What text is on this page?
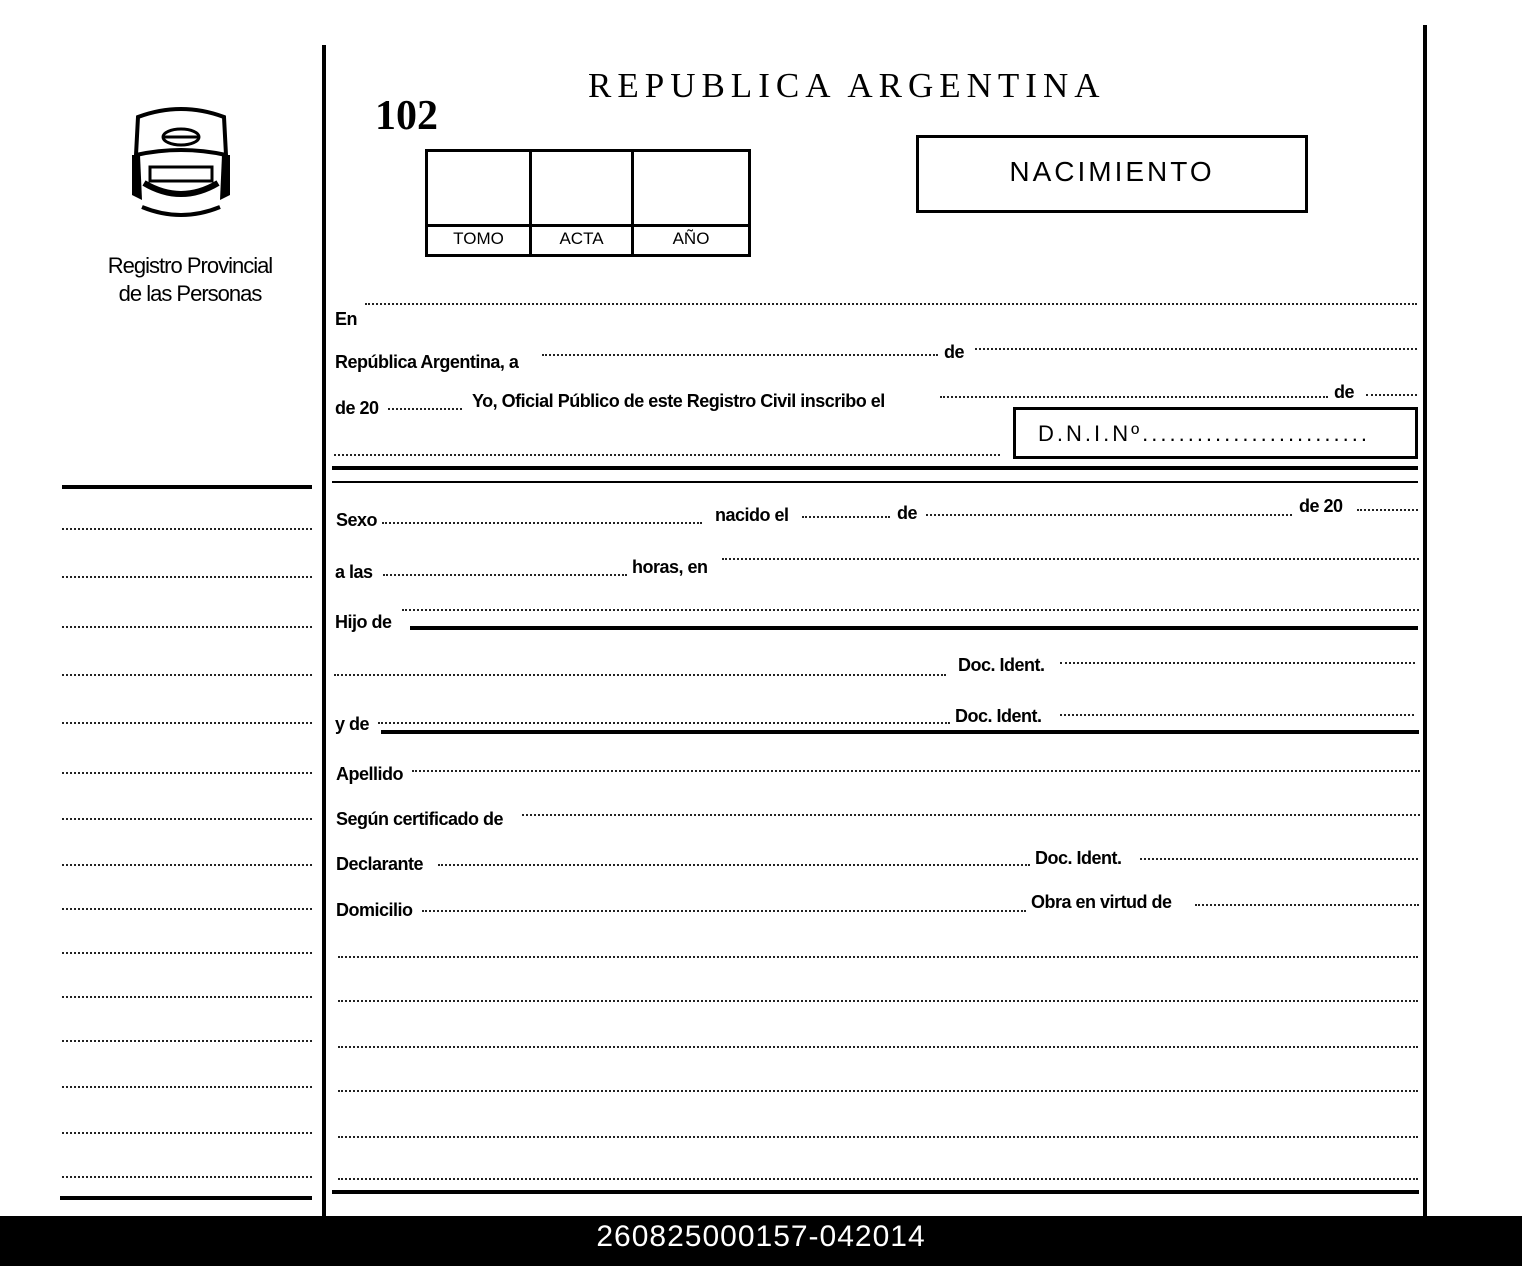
~~~~~
Registro Provincial
de las Personas
102
REPUBLICA ARGENTINA
NACIMIENTO
TOMO	ACTA	AÑO
En
República Argentina, a	de
de 20	Yo, Oficial Público de este Registro Civil inscribo el	de
D.N.I.Nº.........................
Sexo	nacido el	de	de 20
a las	horas, en
Hijo de
Doc. Ident.
y de	Doc. Ident.
Apellido
Según certificado de
Declarante	Doc. Ident.
Domicilio	Obra en virtud de
260825000157-042014
